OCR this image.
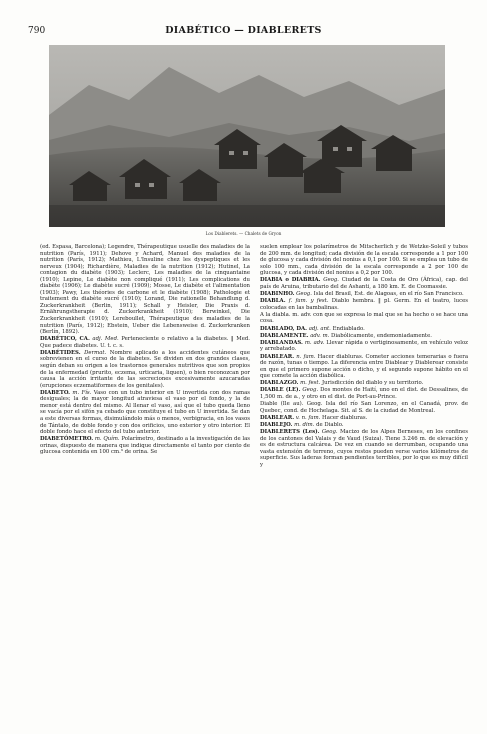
790	DIABÉTICO — DIABLERETS
Los Diablerets. — Chalets de Gryon

(ed. Espasa, Barcelona); Legendre, Thérapeutique usuelle des maladies de la nutrition (París, 1911); Dehove y Achard, Manuel des maladies de la nutrition (París, 1912); Mathieu, L'Insuline chez les dyspeptiques et les nerveux (1904); Richardière, Maladies de la nutrition (1912); Hutinel, La contagion du diabète (1903); Leclerc, Les maladies de la cinquantaine (1910); Lepine, Le diabète non compliqué (1911); Les complications du diabète (1906); Le diabète sucré (1909); Mosse, Le diabète et l'alimentation (1903); Pawy, Les théories de carbone et le diabète (1908); Pathologie et traitement du diabète sucré (1910); Lorand, Die rationelle Behandlung d. Zuckerkrankheit (Berlin, 1911); Schall y Heisler, Die Praxis d. Ernährungstherapie d. Zuckerkrankheit (1910); Berwinkel, Die Zuckerkrankheit (1910); Lereboullet, Thérapeutique des maladies de la nutrition (París, 1912); Ebstein, Ueber die Lebensweise d. Zuckerkranken (Berlín, 1892).

DIABÉTICO, CA. adj. Med. Perteneciente o relativo a la diabetes. ‖ Med. Que padece diabetes. U. t. c. s.

DIABÉTIDES. Dermat. Nombre aplicado a los accidentes cutáneos que sobrevienen en el curso de la diabetes. Se dividen en dos grandes clases, según deban su origen a los trastornos generales nutritivos que son propios de la enfermedad (prurito, eczema, urticaria, liquen), o bien reconozcan por causa la acción irritante de las secreciones excesivamente azucaradas (erupciones eczematiformes de los genitales).

DIABETO. m. Fís. Vaso con un tubo interior en U invertida con dos ramas desiguales; la de mayor longitud atraviesa el vaso por el fondo, y la de menor está dentro del mismo. Al llenar el vaso, así que el tubo queda lleno se vacía por el sifón ya cebado que constituye el tubo en U invertida. Se dan a este diversas formas, disimulándolo más o menos, verbigracia, en los vasos de Tántalo, de doble fondo y con dos orificios, uno exterior y otro interior. El doble fondo hace el efecto del tubo anterior.

DIABETÓMETRO. m. Quím. Polarímetro, destinado a la investigación de las orinas, dispuesto de manera que indique directamente el tanto por ciento de glucosa contenida en 100 cm.³ de orina. Se

suelen emplear los polarímetros de Mitscherlich y de Wetzke-Soleil y tubos de 200 mm. de longitud; cada división de la escala corresponde a 1 por 100 de glucosa y cada división del nonius a 0,1 por 100. Si se emplea un tubo de solo 100 mm., cada división de la escala corresponde a 2 por 100 de glucosa, y cada división del nonius a 0,2 por 100.

DIABIA o DIABRIA. Geog. Ciudad de la Costa de Oro (África), cap. del país de Aruina, tributario del de Ashanti, a 180 km. E. de Coomassie.

DIABINHO. Geog. Isla del Brasil, Est. de Alagoas, en el río San Francisco.

DIABLA. f. fam. y fest. Diablo hembra. ‖ pl. Germ. En el teatro, luces colocadas en las bambalinas.

A la diabla. m. adv. con que se expresa lo mal que se ha hecho o se hace una cosa.

DIABLADO, DA. adj. ant. Endiablado.

DIABLAMENTE. adv. m. Diabólicamente, endemoniadamente.

DIABLANDAS. m. adv. Llevar rápida o vertiginosamente, en vehículo veloz y arrebatado.

DIABLEAR. n. fam. Hacer diabluras. Cometer acciones temerarias o fuera de razón, tunas o tiempo. La diferencia entre Diablear y Diablerear consiste en que el primero supone acción o dicho, y el segundo supone hábito en el que comete la acción diabólica.

DIABLAZGO. m. fest. Jurisdicción del diablo y su territorio.

DIABLE (LE). Geog. Dos montes de Haití, uno en el dist. de Dessalines, de 1,500 m. de a., y otro en el dist. de Port-au-Prince.

Diable (Ile au). Geog. Isla del río San Lorenzo, en el Canadá, prov. de Quebec, cond. de Hochelaga. Sit. al S. de la ciudad de Montreal.

DIABLEAR. v. n. fam. Hacer diabluras.

DIABLEJO. m. dim. de Diablo.

DIABLERETS (Les). Geog. Macizo de los Alpes Berneses, en los confines de los cantones del Valais y de Vaud (Suiza). Tiene 3.246 m. de elevación y es de estructura calcárea. De vez en cuando se derrumban, ocupando una vasta extensión de terreno, cuyos restos pueden verse varios kilómetros de superficie. Sus laderas forman pendientes terribles, por lo que es muy difícil y
